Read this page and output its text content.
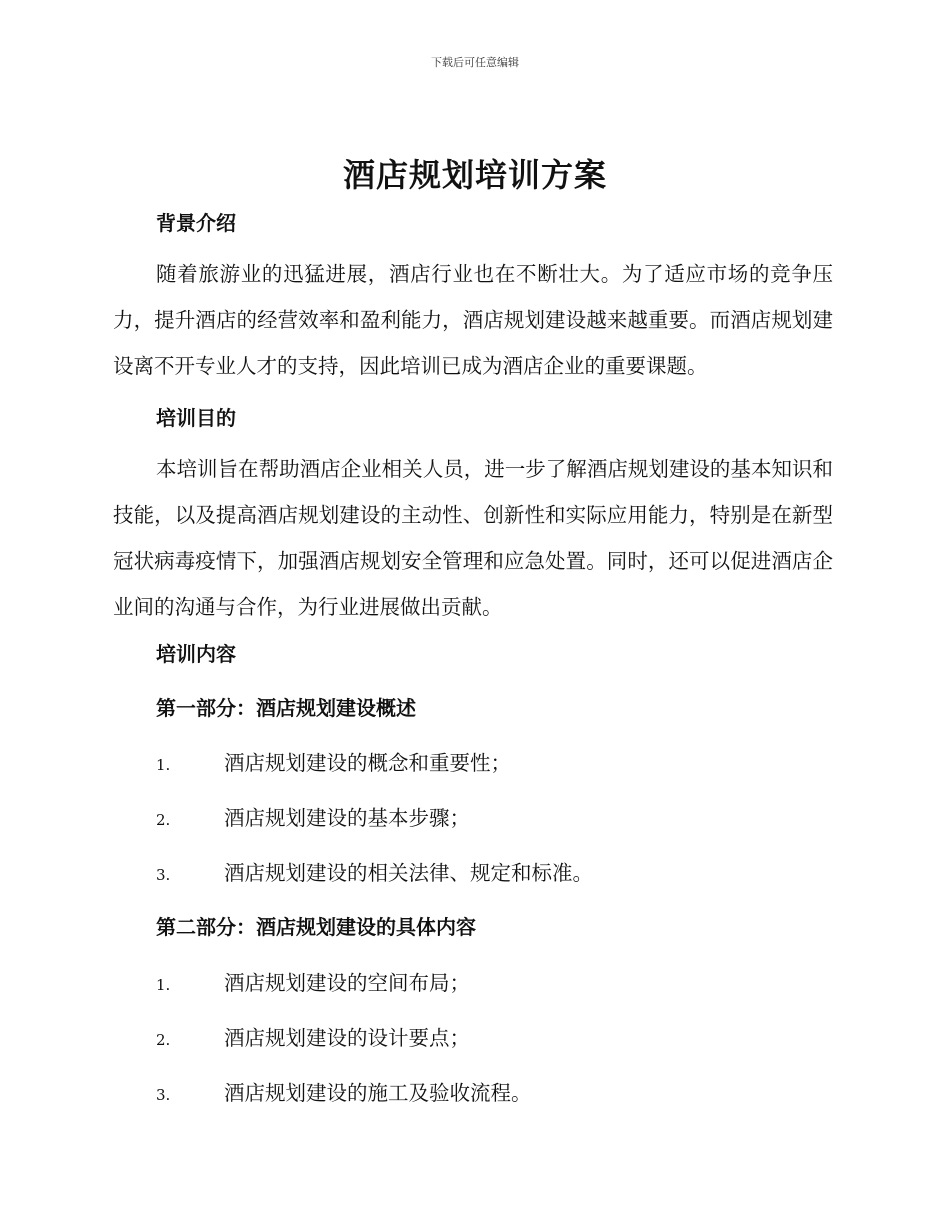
下载后可任意编辑
酒店规划培训方案
背景介绍

随着旅游业的迅猛进展，酒店行业也在不断壮大。为了适应市场的竞争压力，提升酒店的经营效率和盈利能力，酒店规划建设越来越重要。而酒店规划建设离不开专业人才的支持，因此培训已成为酒店企业的重要课题。

培训目的

本培训旨在帮助酒店企业相关人员，进一步了解酒店规划建设的基本知识和技能，以及提高酒店规划建设的主动性、创新性和实际应用能力，特别是在新型冠状病毒疫情下，加强酒店规划安全管理和应急处置。同时，还可以促进酒店企业间的沟通与合作，为行业进展做出贡献。

培训内容
第一部分：酒店规划建设概述
1.	酒店规划建设的概念和重要性；
2.	酒店规划建设的基本步骤；
3.	酒店规划建设的相关法律、规定和标准。
第二部分：酒店规划建设的具体内容
1.	酒店规划建设的空间布局；
2.	酒店规划建设的设计要点；
3.	酒店规划建设的施工及验收流程。
